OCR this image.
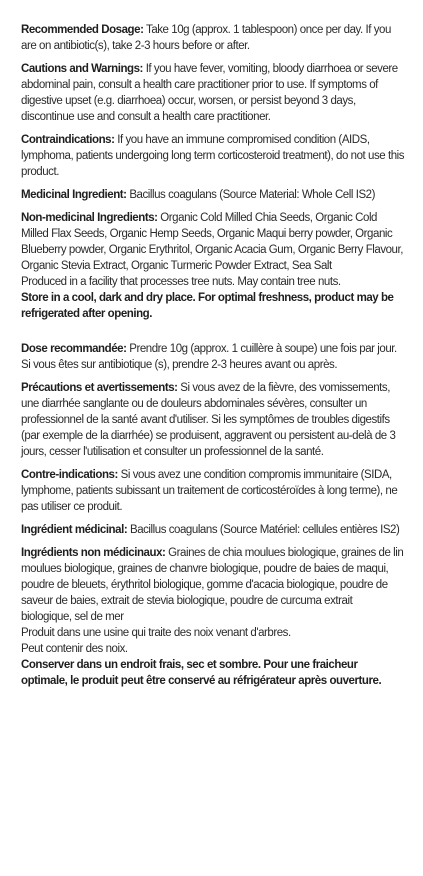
Recommended Dosage: Take 10g (approx. 1 tablespoon) once per day. If you are on antibiotic(s), take 2-3 hours before or after.

Cautions and Warnings: If you have fever, vomiting, bloody diarrhoea or severe abdominal pain, consult a health care practitioner prior to use. If symptoms of digestive upset (e.g. diarrhoea) occur, worsen, or persist beyond 3 days, discontinue use and consult a health care practitioner.

Contraindications: If you have an immune compromised condition (AIDS, lymphoma, patients undergoing long term corticosteroid treatment), do not use this product.

Medicinal Ingredient: Bacillus coagulans (Source Material: Whole Cell IS2)

Non-medicinal Ingredients: Organic Cold Milled Chia Seeds, Organic Cold Milled Flax Seeds, Organic Hemp Seeds, Organic Maqui berry powder, Organic Blueberry powder, Organic Erythritol, Organic Acacia Gum, Organic Berry Flavour, Organic Stevia Extract, Organic Turmeric Powder Extract, Sea Salt

Produced in a facility that processes tree nuts. May contain tree nuts.

Store in a cool, dark and dry place. For optimal freshness, product may be refrigerated after opening.

Dose recommandée: Prendre 10g (approx. 1 cuillère à soupe) une fois par jour. Si vous êtes sur antibiotique (s), prendre 2-3 heures avant ou après.

Précautions et avertissements: Si vous avez de la fièvre, des vomissements, une diarrhée sanglante ou de douleurs abdominales sévères, consulter un professionnel de la santé avant d'utiliser. Si les symptômes de troubles digestifs (par exemple de la diarrhée) se produisent, aggravent ou persistent au-delà de 3 jours, cesser l'utilisation et consulter un professionnel de la santé.

Contre-indications: Si vous avez une condition compromis immunitaire (SIDA, lymphome, patients subissant un traitement de corticostéroïdes à long terme), ne pas utiliser ce produit.

Ingrédient médicinal: Bacillus coagulans (Source Matériel: cellules entières IS2)

Ingrédients non médicinaux: Graines de chia moulues biologique, graines de lin moulues biologique, graines de chanvre biologique, poudre de baies de maqui, poudre de bleuets, érythritol biologique, gomme d'acacia biologique, poudre de saveur de baies, extrait de stevia biologique, poudre de curcuma extrait biologique, sel de mer

Produit dans une usine qui traite des noix venant d'arbres.

Peut contenir des noix.

Conserver dans un endroit frais, sec et sombre. Pour une fraicheur optimale, le produit peut être conservé au réfrigérateur après ouverture.
